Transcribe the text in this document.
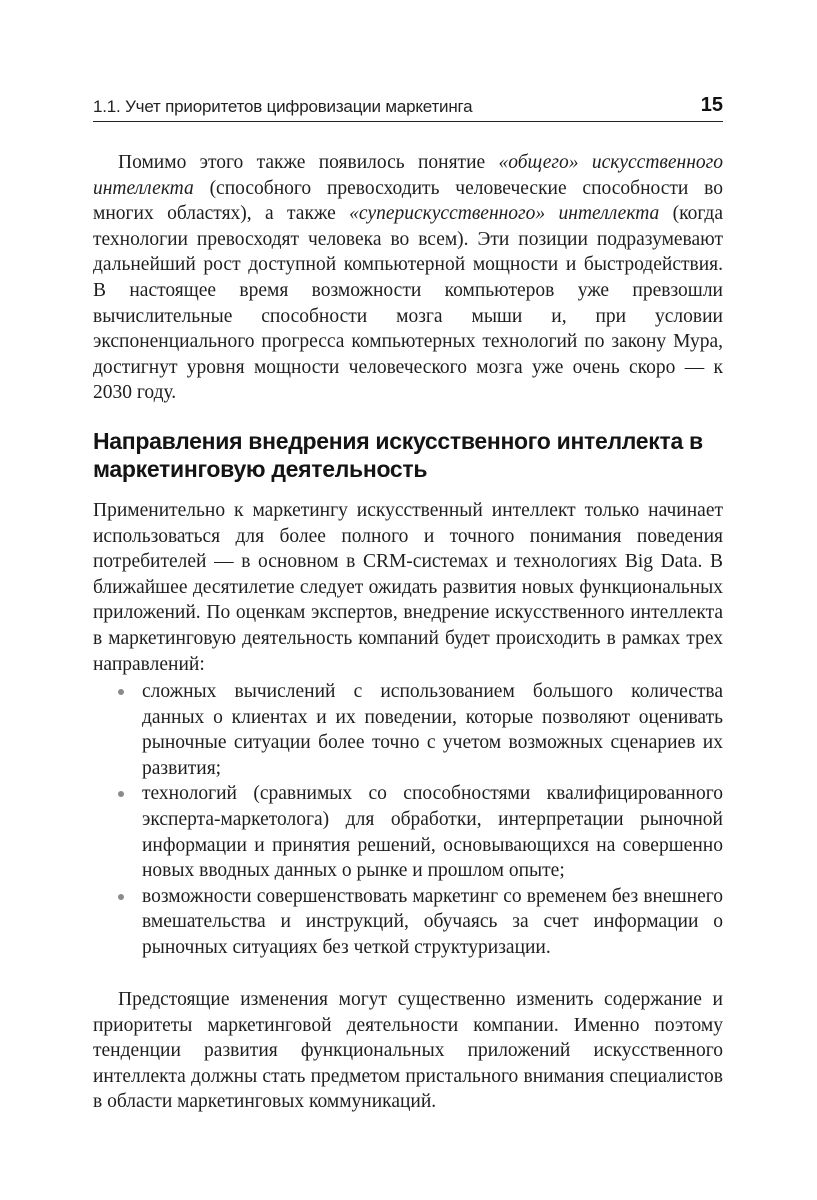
1.1. Учет приоритетов цифровизации маркетинга	15

Помимо этого также появилось понятие «общего» искусственного интеллекта (способного превосходить человеческие способности во многих областях), а также «суперискусственного» интеллекта (когда технологии превосходят человека во всем). Эти позиции подразумевают дальнейший рост доступной компьютерной мощности и быстродействия. В настоящее время возможности компьютеров уже превзошли вычислительные способности мозга мыши и, при условии экспоненциального прогресса компьютерных технологий по закону Мура, достигнут уровня мощности человеческого мозга уже очень скоро — к 2030 году.

Направления внедрения искусственного интеллекта в маркетинговую деятельность

Применительно к маркетингу искусственный интеллект только начинает использоваться для более полного и точного понимания поведения потребителей — в основном в CRM-системах и технологиях Big Data. В ближайшее десятилетие следует ожидать развития новых функциональных приложений. По оценкам экспертов, внедрение искусственного интеллекта в маркетинговую деятельность компаний будет происходить в рамках трех направлений:

сложных вычислений с использованием большого количества данных о клиентах и их поведении, которые позволяют оценивать рыночные ситуации более точно с учетом возможных сценариев их развития;
технологий (сравнимых со способностями квалифицированного эксперта-маркетолога) для обработки, интерпретации рыночной информации и принятия решений, основывающихся на совершенно новых вводных данных о рынке и прошлом опыте;
возможности совершенствовать маркетинг со временем без внешнего вмешательства и инструкций, обучаясь за счет информации о рыночных ситуациях без четкой структуризации.

Предстоящие изменения могут существенно изменить содержание и приоритеты маркетинговой деятельности компании. Именно поэтому тенденции развития функциональных приложений искусственного интеллекта должны стать предметом пристального внимания специалистов в области маркетинговых коммуникаций.
